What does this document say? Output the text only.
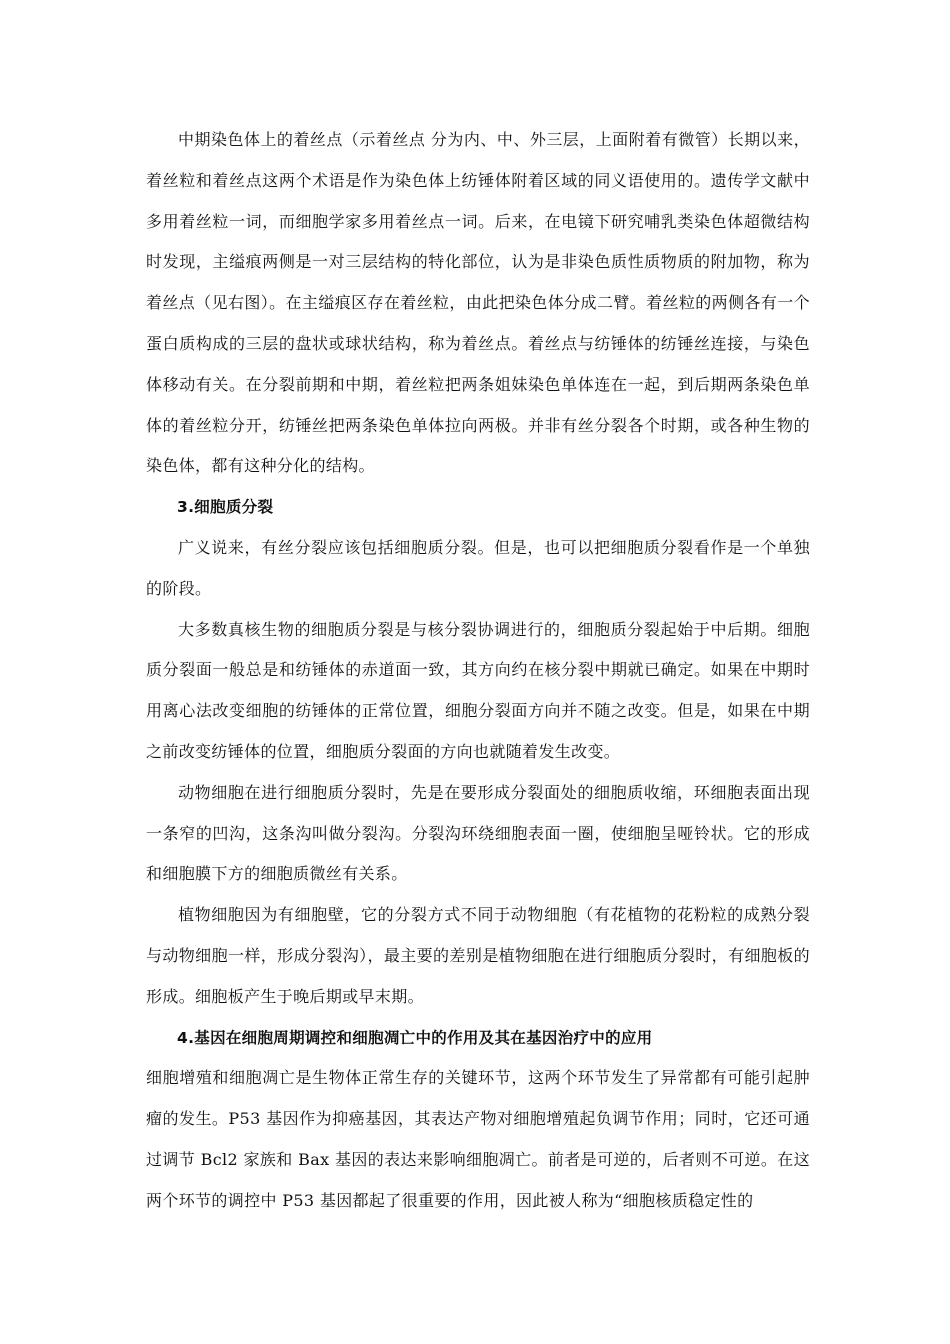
中期染色体上的着丝点（示着丝点 分为内、中、外三层，上面附着有微管）长期以来，着丝粒和着丝点这两个术语是作为染色体上纺锤体附着区域的同义语使用的。遗传学文献中多用着丝粒一词，而细胞学家多用着丝点一词。后来，在电镜下研究哺乳类染色体超微结构时发现，主缢痕两侧是一对三层结构的特化部位，认为是非染色质性质物质的附加物，称为着丝点（见右图）。在主缢痕区存在着丝粒，由此把染色体分成二臂。着丝粒的两侧各有一个蛋白质构成的三层的盘状或球状结构，称为着丝点。着丝点与纺锤体的纺锤丝连接，与染色体移动有关。在分裂前期和中期，着丝粒把两条姐妹染色单体连在一起，到后期两条染色单体的着丝粒分开，纺锤丝把两条染色单体拉向两极。并非有丝分裂各个时期，或各种生物的染色体，都有这种分化的结构。

3.细胞质分裂

广义说来，有丝分裂应该包括细胞质分裂。但是，也可以把细胞质分裂看作是一个单独的阶段。

大多数真核生物的细胞质分裂是与核分裂协调进行的，细胞质分裂起始于中后期。细胞质分裂面一般总是和纺锤体的赤道面一致，其方向约在核分裂中期就已确定。如果在中期时用离心法改变细胞的纺锤体的正常位置，细胞分裂面方向并不随之改变。但是，如果在中期之前改变纺锤体的位置，细胞质分裂面的方向也就随着发生改变。

动物细胞在进行细胞质分裂时，先是在要形成分裂面处的细胞质收缩，环细胞表面出现一条窄的凹沟，这条沟叫做分裂沟。分裂沟环绕细胞表面一圈，使细胞呈哑铃状。它的形成和细胞膜下方的细胞质微丝有关系。

植物细胞因为有细胞壁，它的分裂方式不同于动物细胞（有花植物的花粉粒的成熟分裂与动物细胞一样，形成分裂沟），最主要的差别是植物细胞在进行细胞质分裂时，有细胞板的形成。细胞板产生于晚后期或早末期。

4.基因在细胞周期调控和细胞凋亡中的作用及其在基因治疗中的应用

细胞增殖和细胞凋亡是生物体正常生存的关键环节，这两个环节发生了异常都有可能引起肿瘤的发生。P53 基因作为抑癌基因，其表达产物对细胞增殖起负调节作用；同时，它还可通过调节 Bcl2 家族和 Bax 基因的表达来影响细胞凋亡。前者是可逆的，后者则不可逆。在这两个环节的调控中 P53 基因都起了很重要的作用，因此被人称为“细胞核质稳定性的
